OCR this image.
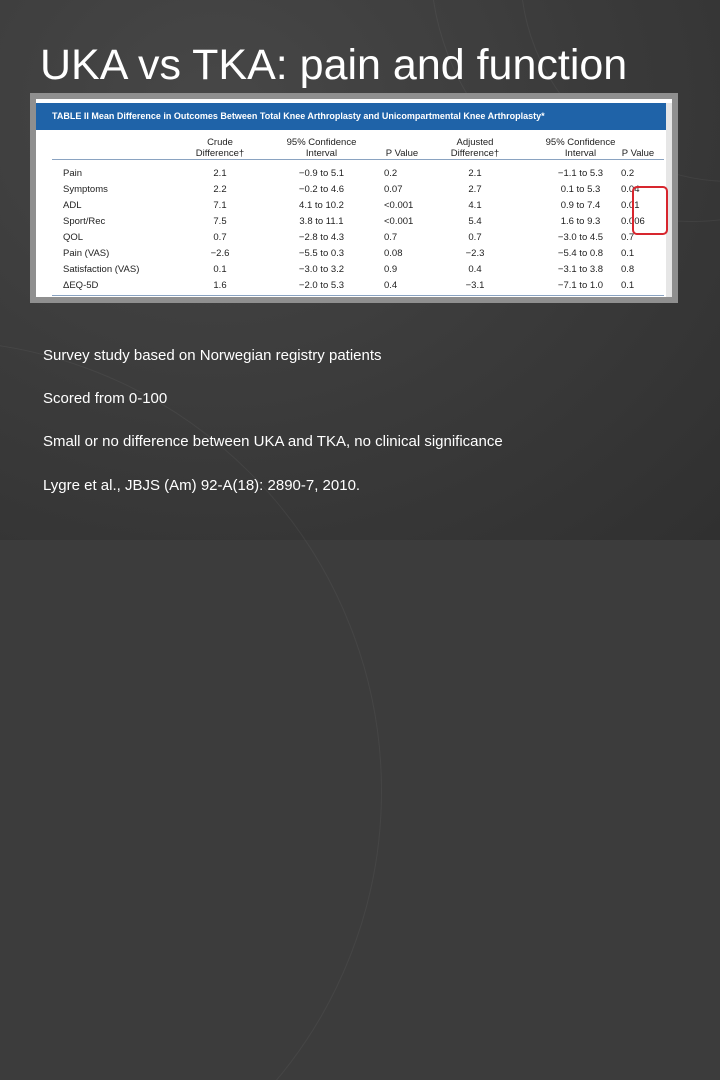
UKA vs TKA: pain and function
TABLE II Mean Difference in Outcomes Between Total Knee Arthroplasty and Unicompartmental Knee Arthroplasty*
Crude
Difference†
95% Confidence
Interval
	P Value
Adjusted
Difference†
95% Confidence
Interval
	P Value
Pain	2.1	−0.9 to 5.1	0.2	2.1	−1.1 to 5.3	0.2
Symptoms	2.2	−0.2 to 4.6	0.07	2.7	0.1 to 5.3	0.04
ADL	7.1	4.1 to 10.2	<0.001	4.1	0.9 to 7.4	0.01
Sport/Rec	7.5	3.8 to 11.1	<0.001	5.4	1.6 to 9.3	0.006
QOL	0.7	−2.8 to 4.3	0.7	0.7	−3.0 to 4.5	0.7
Pain (VAS)	−2.6	−5.5 to 0.3	0.08	−2.3	−5.4 to 0.8	0.1
Satisfaction (VAS)	0.1	−3.0 to 3.2	0.9	0.4	−3.1 to 3.8	0.8
ΔEQ-5D	1.6	−2.0 to 5.3	0.4	−3.1	−7.1 to 1.0	0.1
Survey study based on Norwegian registry patients
Scored from 0-100
Small or no difference between UKA and TKA, no clinical significance
Lygre et al., JBJS (Am) 92-A(18): 2890-7, 2010.
